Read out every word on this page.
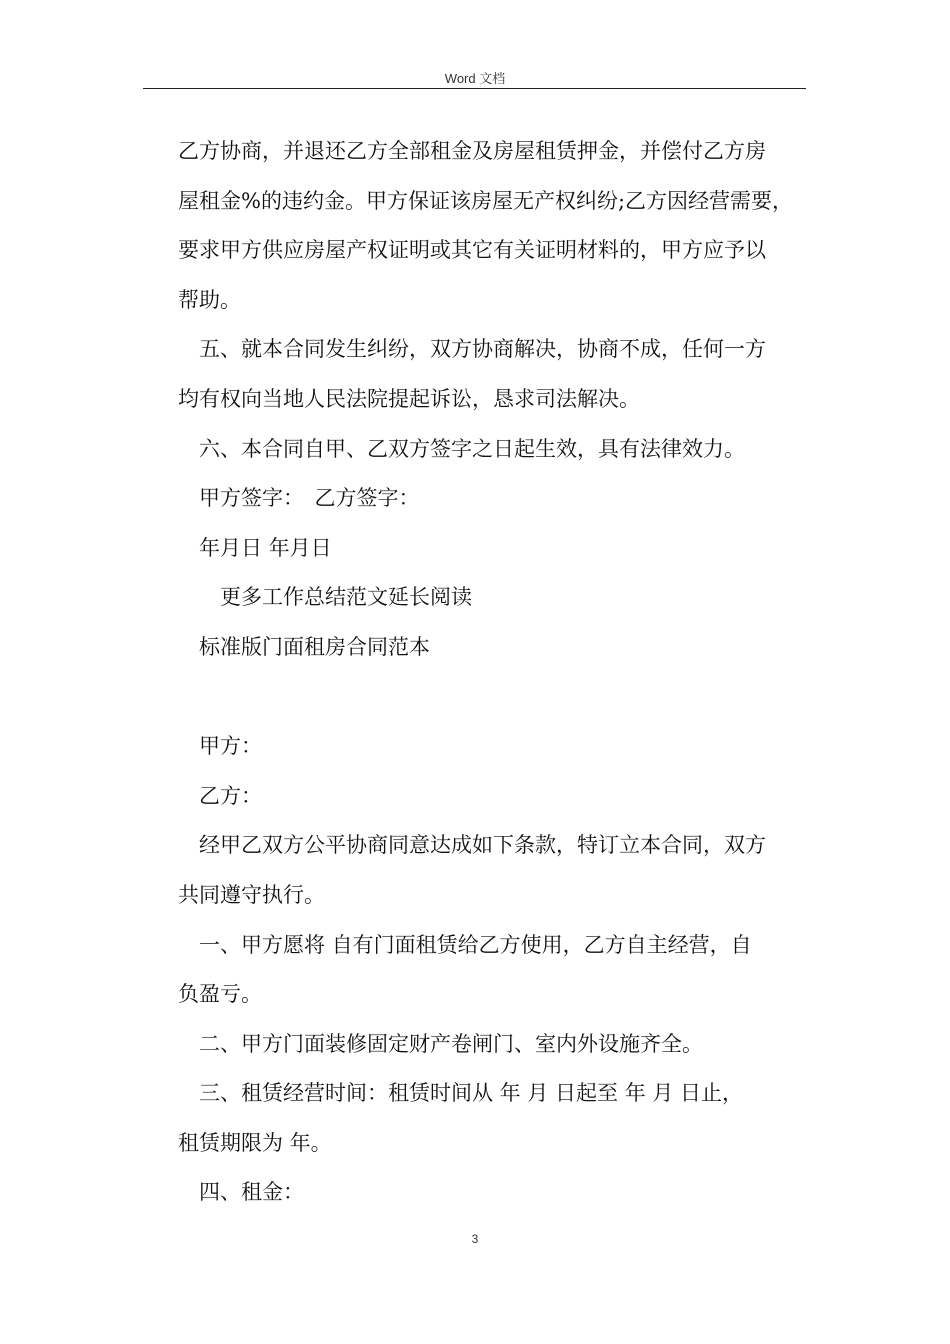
Word 文档

乙方协商，并退还乙方全部租金及房屋租赁押金，并偿付乙方房

屋租金%的违约金。甲方保证该房屋无产权纠纷;乙方因经营需要，

要求甲方供应房屋产权证明或其它有关证明材料的，甲方应予以

帮助。

五、就本合同发生纠纷，双方协商解决，协商不成，任何一方

均有权向当地人民法院提起诉讼，恳求司法解决。

六、本合同自甲、乙双方签字之日起生效，具有法律效力。

甲方签字：　乙方签字：

年月日 年月日

更多工作总结范文延长阅读

标准版门面租房合同范本

甲方：

乙方：

经甲乙双方公平协商同意达成如下条款，特订立本合同，双方

共同遵守执行。

一、甲方愿将 自有门面租赁给乙方使用，乙方自主经营，自

负盈亏。

二、甲方门面装修固定财产卷闸门、室内外设施齐全。

三、租赁经营时间：租赁时间从 年 月 日起至 年 月 日止，

租赁期限为 年。

四、租金：

3
